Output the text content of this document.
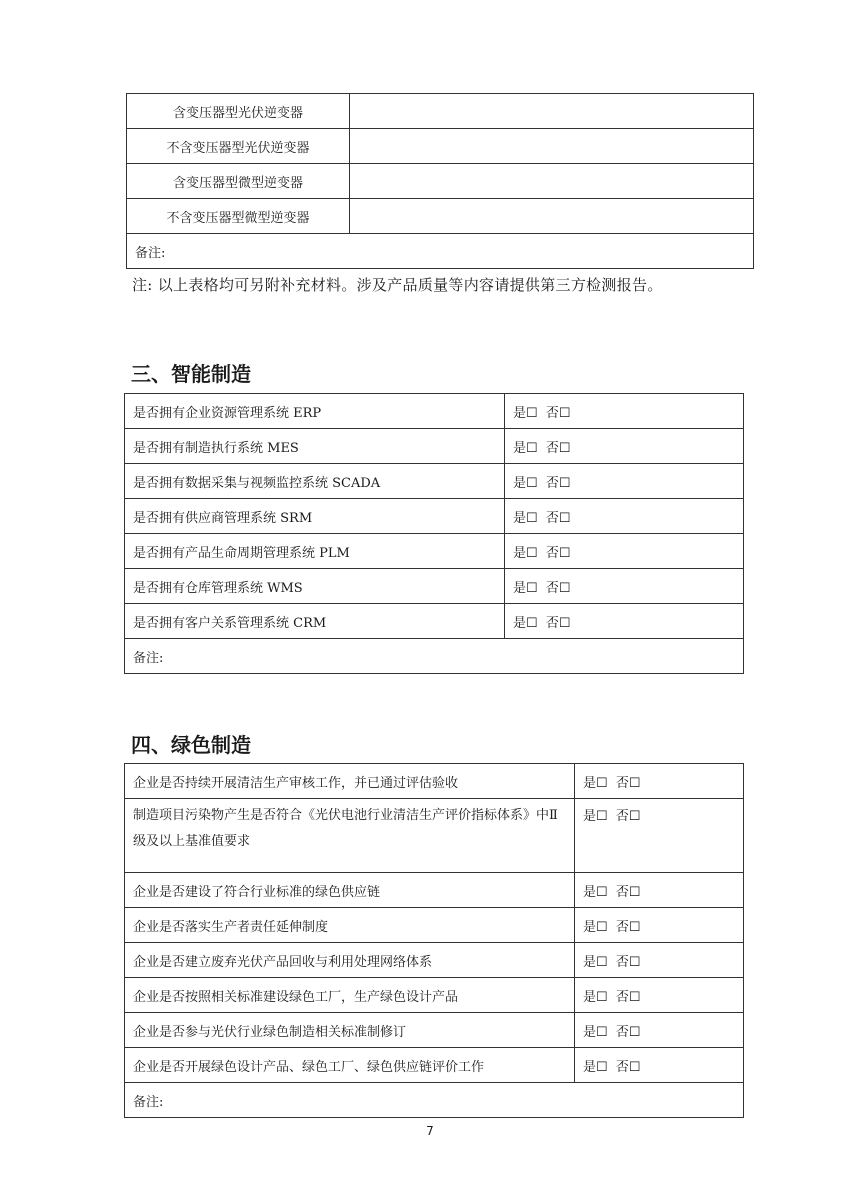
含变压器型光伏逆变器	
不含变压器型光伏逆变器	
含变压器型微型逆变器	
不含变压器型微型逆变器	
备注:	
注: 以上表格均可另附补充材料。涉及产品质量等内容请提供第三方检测报告。
三、智能制造
是否拥有企业资源管理系统 ERP	是☐  否☐
是否拥有制造执行系统 MES	是☐  否☐
是否拥有数据采集与视频监控系统 SCADA	是☐  否☐
是否拥有供应商管理系统 SRM	是☐  否☐
是否拥有产品生命周期管理系统 PLM	是☐  否☐
是否拥有仓库管理系统 WMS	是☐  否☐
是否拥有客户关系管理系统 CRM	是☐  否☐
备注:	
四、绿色制造
企业是否持续开展清洁生产审核工作，并已通过评估验收	是☐  否☐
制造项目污染物产生是否符合《光伏电池行业清洁生产评价指标体系》中Ⅱ级及以上基准值要求	是☐  否☐
企业是否建设了符合行业标准的绿色供应链	是☐  否☐
企业是否落实生产者责任延伸制度	是☐  否☐
企业是否建立废弃光伏产品回收与利用处理网络体系	是☐  否☐
企业是否按照相关标准建设绿色工厂，生产绿色设计产品	是☐  否☐
企业是否参与光伏行业绿色制造相关标准制修订	是☐  否☐
企业是否开展绿色设计产品、绿色工厂、绿色供应链评价工作	是☐  否☐
备注:	
7
